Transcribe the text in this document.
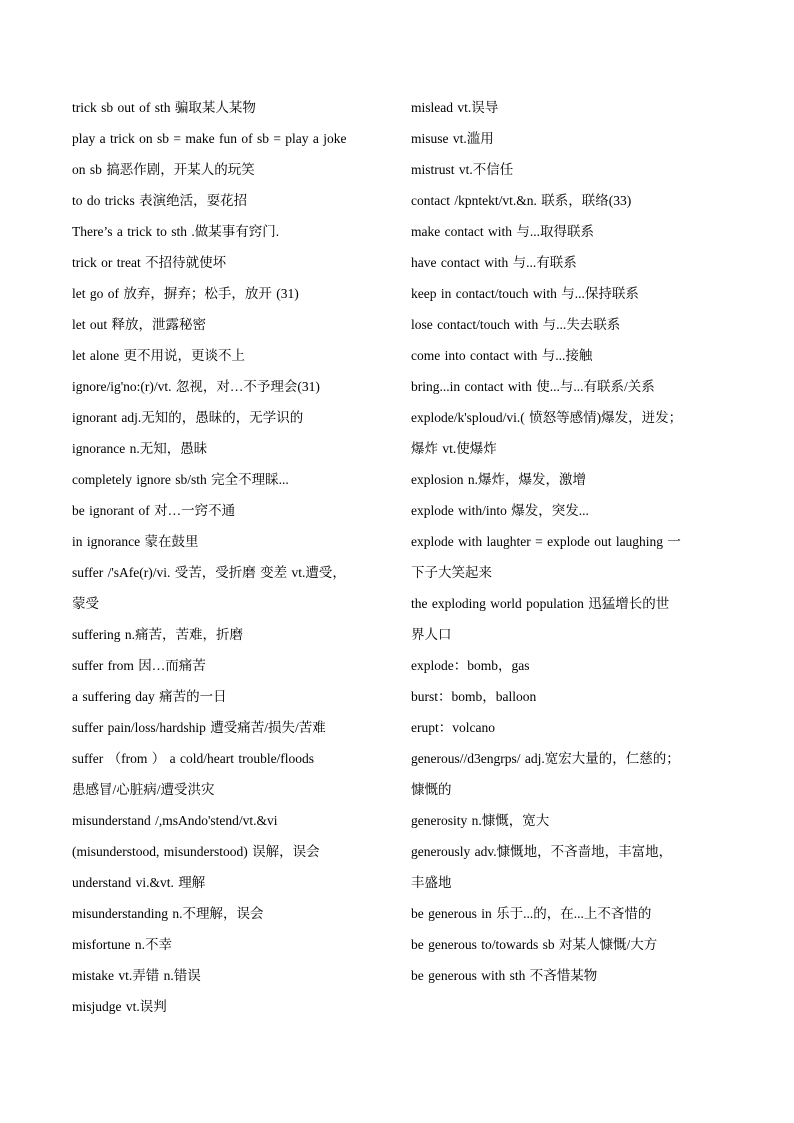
trick sb out of sth 骗取某人某物
play a trick on sb = make fun of sb = play a joke
on sb 搞恶作剧，开某人的玩笑
to do tricks 表演绝活，耍花招
There’s a trick to sth .做某事有窍门.
trick or treat 不招待就使坏
let go of 放弃，摒弃；松手，放开 (31)
let out 释放，泄露秘密
let alone 更不用说，更谈不上
ignore/ig'no:(r)/vt. 忽视，对…不予理会(31)
ignorant adj.无知的，愚昧的，无学识的
ignorance n.无知，愚昧
completely ignore sb/sth 完全不理睬...
be ignorant of 对…一窍不通
in ignorance 蒙在鼓里
suffer /'sAfe(r)/vi. 受苦，受折磨 变差 vt.遭受，
蒙受
suffering n.痛苦，苦难，折磨
suffer from 因…而痛苦
a suffering day 痛苦的一日
suffer pain/loss/hardship 遭受痛苦/损失/苦难
suffer （from ） a cold/heart trouble/floods
患感冒/心脏病/遭受洪灾
misunderstand /,msAndo'stend/vt.&vi
(misunderstood, misunderstood) 误解，误会
understand vi.&vt. 理解
misunderstanding n.不理解，误会
misfortune n.不幸
mistake vt.弄错 n.错误
misjudge vt.误判
mislead vt.误导
misuse vt.滥用
mistrust vt.不信任
contact /kpntekt/vt.&n. 联系，联络(33)
make contact with 与...取得联系
have contact with 与...有联系
keep in contact/touch with 与...保持联系
lose contact/touch with 与...失去联系
come into contact with 与...接触
bring...in contact with 使...与...有联系/关系
explode/k'sploud/vi.( 愤怒等感情)爆发，迸发；
爆炸 vt.使爆炸
explosion n.爆炸，爆发，激增
explode with/into 爆发，突发...
explode with laughter = explode out laughing 一
下子大笑起来
the exploding world population 迅猛增长的世
界人口
explode：bomb，gas
burst：bomb，balloon
erupt：volcano
generous//d3engrps/ adj.宽宏大量的，仁慈的；
慷慨的
generosity n.慷慨，宽大
generously adv.慷慨地，不吝啬地，丰富地，
丰盛地
be generous in 乐于...的，在...上不吝惜的
be generous to/towards sb 对某人慷慨/大方
be generous with sth 不吝惜某物
